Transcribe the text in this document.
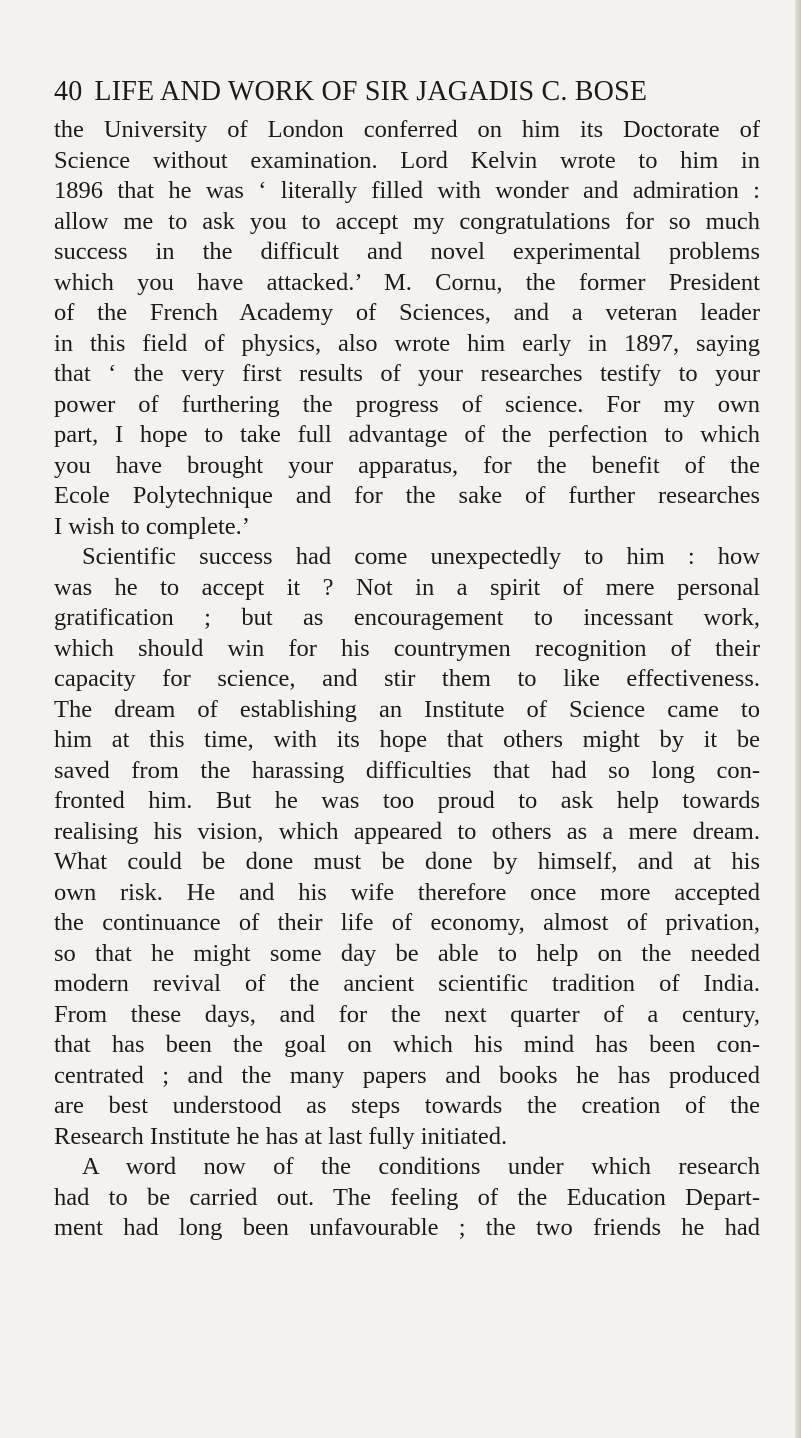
40 LIFE AND WORK OF SIR JAGADIS C. BOSE
the University of London conferred on him its Doctorate of
Science without examination. Lord Kelvin wrote to him in
1896 that he was ‘ literally filled with wonder and admiration :
allow me to ask you to accept my congratulations for so much
success in the difficult and novel experimental problems
which you have attacked.’ M. Cornu, the former President
of the French Academy of Sciences, and a veteran leader
in this field of physics, also wrote him early in 1897, saying
that ‘ the very first results of your researches testify to your
power of furthering the progress of science. For my own
part, I hope to take full advantage of the perfection to which
you have brought your apparatus, for the benefit of the
Ecole Polytechnique and for the sake of further researches
I wish to complete.’
Scientific success had come unexpectedly to him : how
was he to accept it ? Not in a spirit of mere personal
gratification ; but as encouragement to incessant work,
which should win for his countrymen recognition of their
capacity for science, and stir them to like effectiveness.
The dream of establishing an Institute of Science came to
him at this time, with its hope that others might by it be
saved from the harassing difficulties that had so long con-
fronted him. But he was too proud to ask help towards
realising his vision, which appeared to others as a mere dream.
What could be done must be done by himself, and at his
own risk. He and his wife therefore once more accepted
the continuance of their life of economy, almost of privation,
so that he might some day be able to help on the needed
modern revival of the ancient scientific tradition of India.
From these days, and for the next quarter of a century,
that has been the goal on which his mind has been con-
centrated ; and the many papers and books he has produced
are best understood as steps towards the creation of the
Research Institute he has at last fully initiated.
A word now of the conditions under which research
had to be carried out. The feeling of the Education Depart-
ment had long been unfavourable ; the two friends he had
